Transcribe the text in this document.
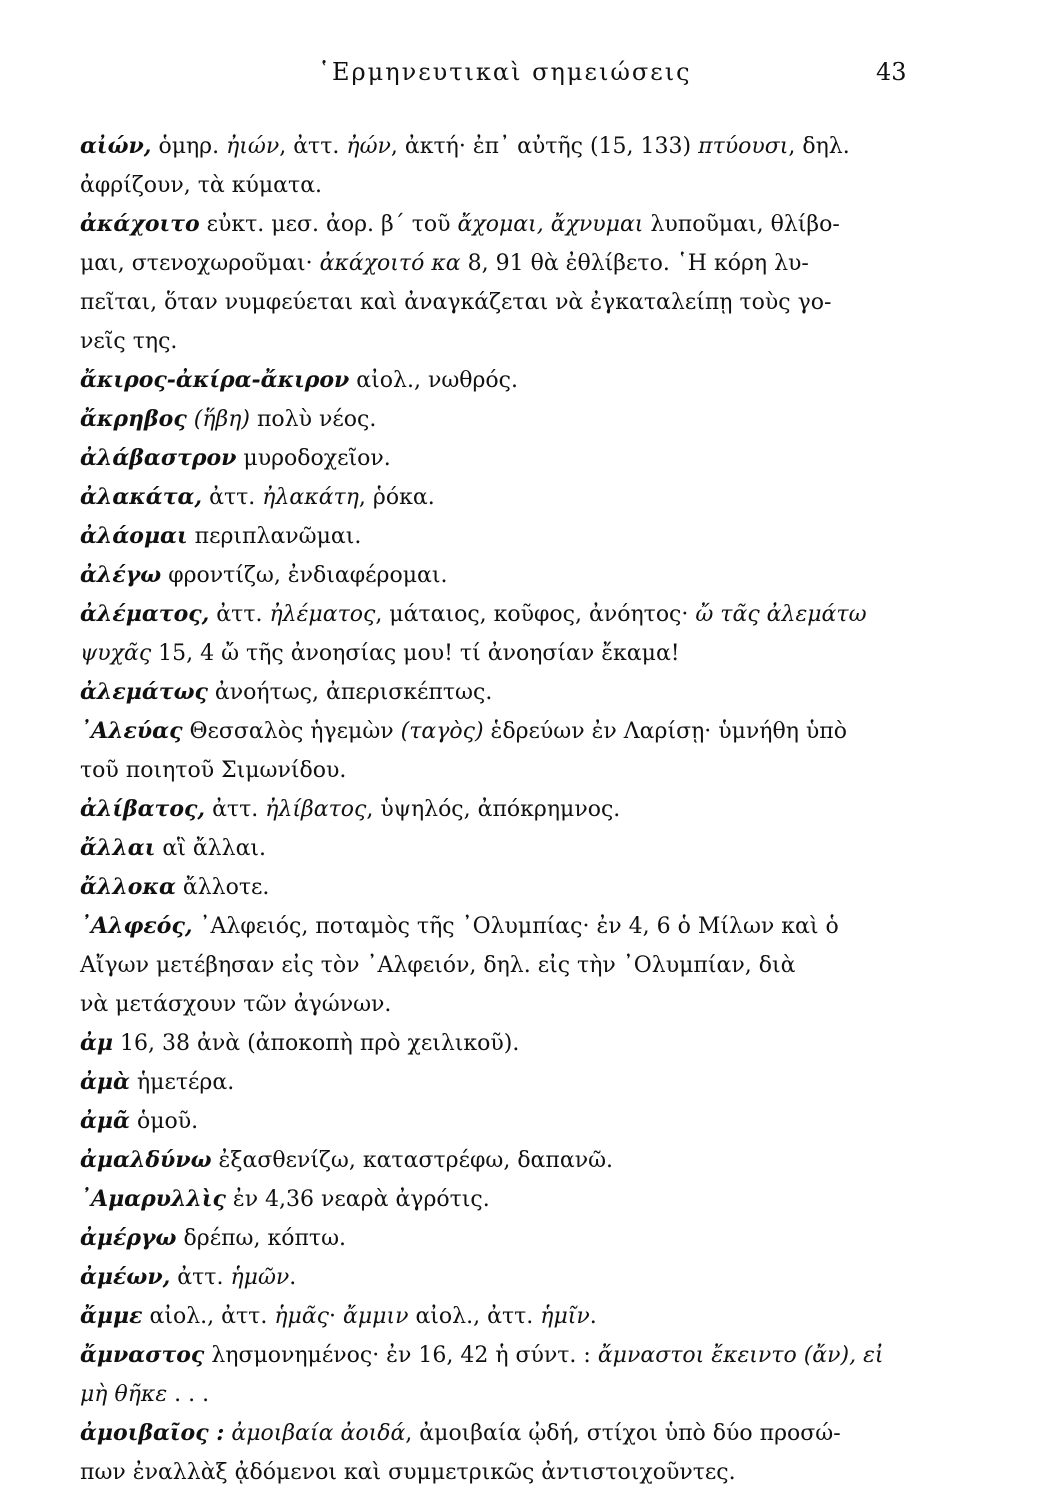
῾Ερμηνευτικαὶ σημειώσεις	43
αἰών, ὁμηρ. ἠιών, ἀττ. ἠών, ἀκτή· ἐπ᾽ αὐτῆς (15, 133) πτύουσι, δηλ.
ἀφρίζουν, τὰ κύματα.
ἀκάχοιτο εὐκτ. μεσ. ἀορ. β΄ τοῦ ἄχομαι, ἄχνυμαι λυποῦμαι, θλίβο-
μαι, στενοχωροῦμαι· ἀκάχοιτό κα 8, 91 θὰ ἐθλίβετο. ῾Η κόρη λυ-
πεῖται, ὅταν νυμφεύεται καὶ ἀναγκάζεται νὰ ἐγκαταλείπῃ τοὺς γο-
νεῖς της.
ἄκιρος-ἀκίρα-ἄκιρον αἰολ., νωθρός.
ἄκρηβος (ἥβη) πολὺ νέος.
ἀλάβαστρον μυροδοχεῖον.
ἀλακάτα, ἀττ. ἠλακάτη, ῥόκα.
ἀλάομαι περιπλανῶμαι.
ἀλέγω φροντίζω, ἐνδιαφέρομαι.
ἀλέματος, ἀττ. ἠλέματος, μάταιος, κοῦφος, ἀνόητος· ὤ τᾶς ἀλεμάτω
ψυχᾶς 15, 4 ὤ τῆς ἀνοησίας μου! τί ἀνοησίαν ἔκαμα!
ἀλεμάτως ἀνοήτως, ἀπερισκέπτως.
᾿Αλεύας Θεσσαλὸς ἡγεμὼν (ταγὸς) ἑδρεύων ἐν Λαρίσῃ· ὑμνήθη ὑπὸ
τοῦ ποιητοῦ Σιμωνίδου.
ἀλίβατος, ἀττ. ἠλίβατος, ὑψηλός, ἀπόκρημνος.
ἄλλαι αἳ ἄλλαι.
ἄλλοκα ἄλλοτε.
᾿Αλφεός, ᾿Αλφειός, ποταμὸς τῆς ᾿Ολυμπίας· ἐν 4, 6 ὁ Μίλων καὶ ὁ
Αἴγων μετέβησαν εἰς τὸν ᾿Αλφειόν, δηλ. εἰς τὴν ᾿Ολυμπίαν, διὰ
νὰ μετάσχουν τῶν ἀγώνων.
ἀμ 16, 38 ἀνὰ (ἀποκοπὴ πρὸ χειλικοῦ).
ἀμὰ ἡμετέρα.
ἀμᾶ ὁμοῦ.
ἀμαλδύνω ἐξασθενίζω, καταστρέφω, δαπανῶ.
᾿Αμαρυλλὶς ἐν 4,36 νεαρὰ ἀγρότις.
ἀμέργω δρέπω, κόπτω.
ἀμέων, ἀττ. ἡμῶν.
ἄμμε αἰολ., ἀττ. ἡμᾶς· ἄμμιν αἰολ., ἀττ. ἡμῖν.
ἄμναστος λησμονημένος· ἐν 16, 42 ἡ σύντ. : ἄμναστοι ἔκειντο (ἄν), εἰ
μὴ θῆκε . . .
ἀμοιβαῖος : ἀμοιβαία ἀοιδά, ἀμοιβαία ᾠδή, στίχοι ὑπὸ δύο προσώ-
πων ἐναλλὰξ ᾀδόμενοι καὶ συμμετρικῶς ἀντιστοιχοῦντες.
